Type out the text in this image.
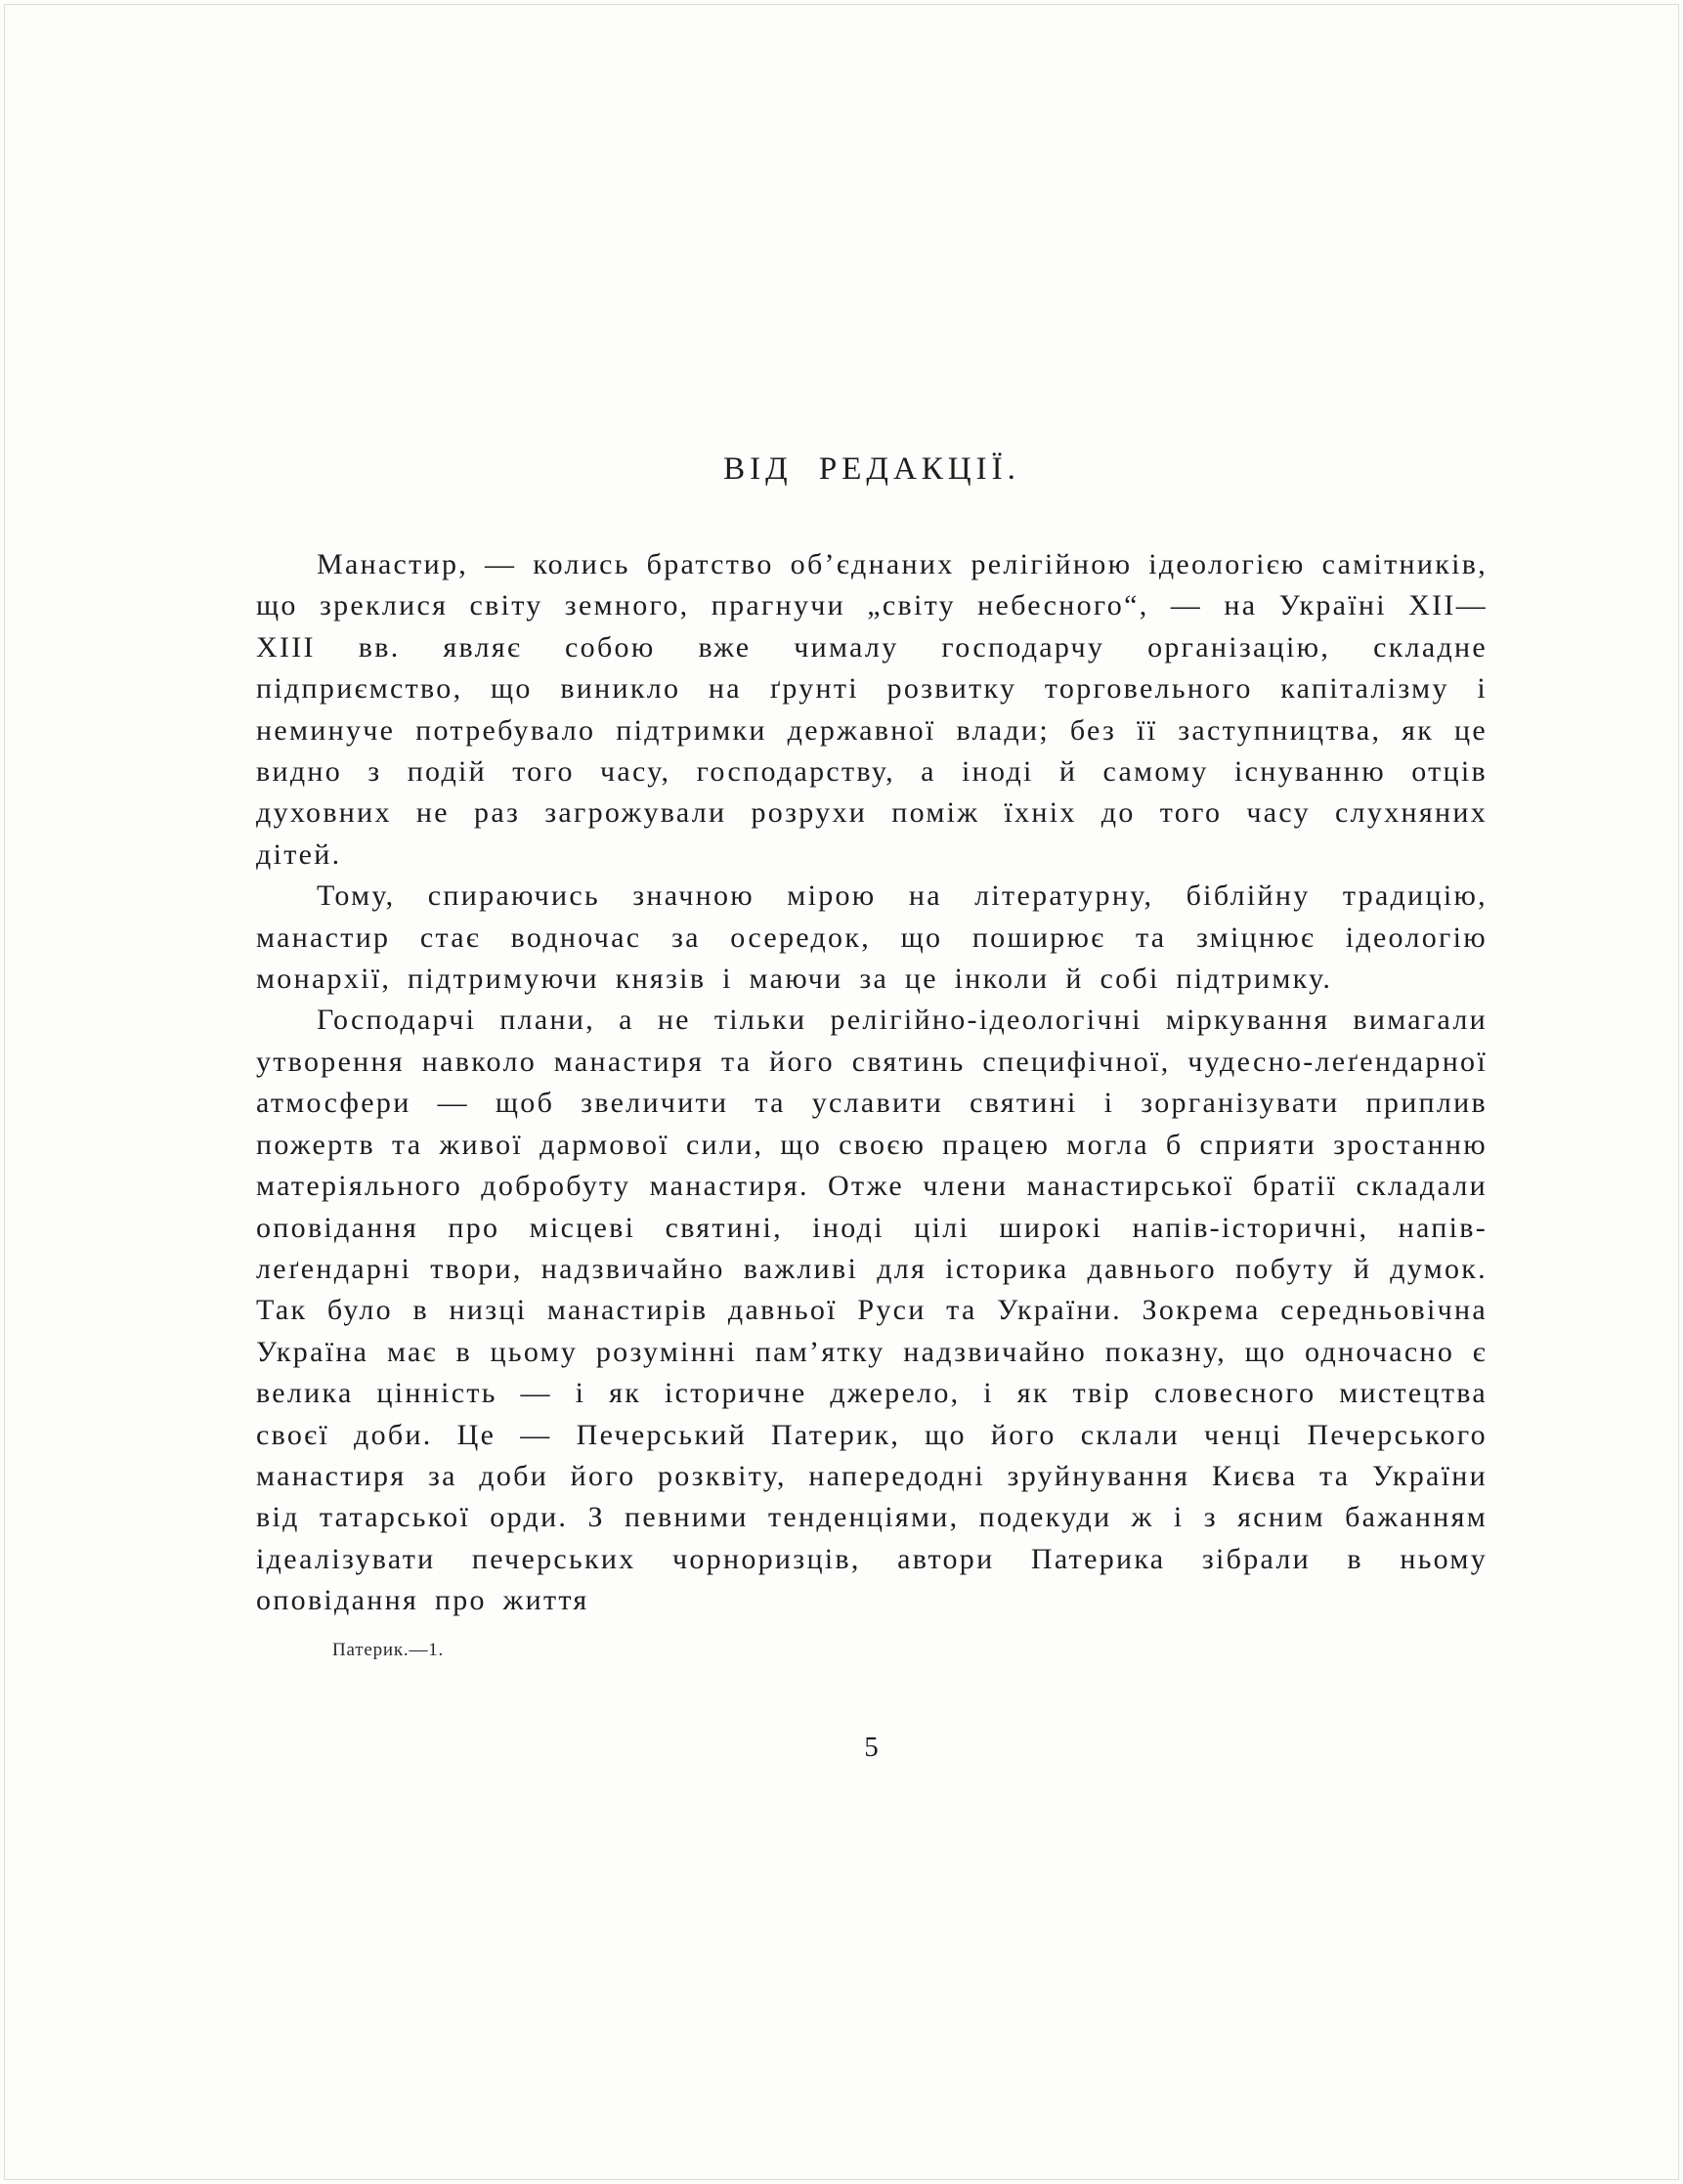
ВІД РЕДАКЦІЇ.

Манастир, — колись братство об’єднаних релігійною ідеологією самітників, що зреклися світу земного, прагнучи „світу небесного“, — на Україні XII—XIII вв. являє собою вже чималу господарчу організацію, складне підприємство, що виникло на ґрунті розвитку торговельного капіталізму і неминуче потребувало підтримки державної влади; без її заступництва, як це видно з подій того часу, господарству, а іноді й самому існуванню отців духовних не раз загрожували розрухи поміж їхніх до того часу слухняних дітей.

Тому, спираючись значною мірою на літературну, біблійну традицію, манастир стає водночас за осередок, що поширює та зміцнює ідеологію монархії, підтримуючи князів і маючи за це інколи й собі підтримку.

Господарчі плани, а не тільки релігійно-ідеологічні міркування вимагали утворення навколо манастиря та його святинь специфічної, чудесно-леґендарної атмосфери — щоб звеличити та уславити святині і зорганізувати приплив пожертв та живої дармової сили, що своєю працею могла б сприяти зростанню матеріяльного добробуту манастиря. Отже члени манастирської братії складали оповідання про місцеві святині, іноді цілі широкі напів-історичні, напів-леґендарні твори, надзвичайно важливі для історика давнього побуту й думок. Так було в низці манастирів давньої Руси та України. Зокрема середньовічна Україна має в цьому розумінні пам’ятку надзвичайно показну, що одночасно є велика цінність — і як історичне джерело, і як твір словесного мистецтва своєї доби. Це — Печерський Патерик, що його склали ченці Печерського манастиря за доби його розквіту, напередодні зруйнування Києва та України від татарської орди. З певними тенденціями, подекуди ж і з ясним бажанням ідеалізувати печерських чорноризців, автори Патерика зібрали в ньому оповідання про життя

Патерик.—1.
5
